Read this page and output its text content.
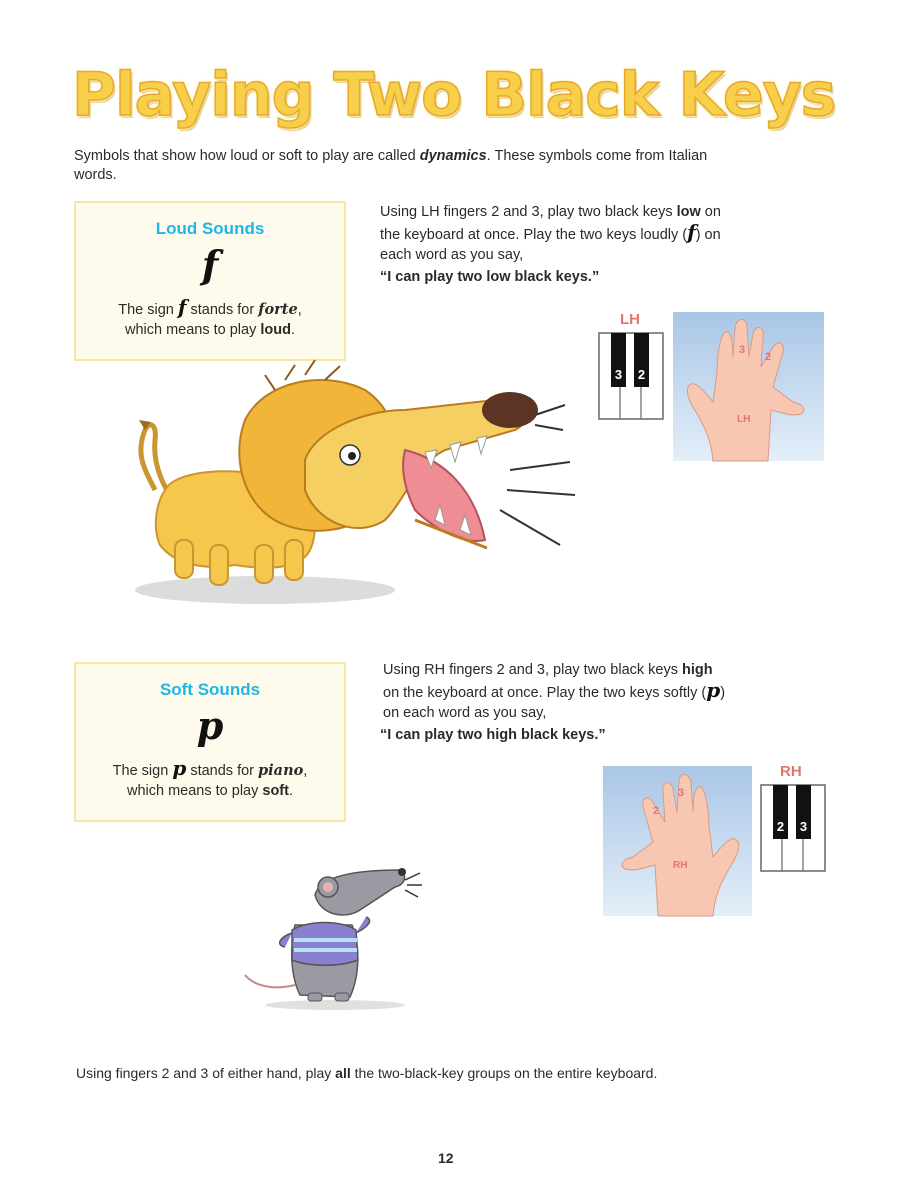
Playing Two Black Keys
Symbols that show how loud or soft to play are called dynamics. These symbols come from Italian words.
Loud Sounds
f
The sign f stands for forte,
which means to play loud.
Using LH fingers 2 and 3, play two black keys low on the keyboard at once. Play the two keys loudly (f) on each word as you say,
“I can play two low black keys.”
LH
3 2
3
2
LH
Soft Sounds
p
The sign p stands for piano,
which means to play soft.
Using RH fingers 2 and 3, play two black keys high on the keyboard at once. Play the two keys softly (p) on each word as you say,
“I can play two high black keys.”
2
3
RH
RH
2 3
Using fingers 2 and 3 of either hand, play all the two-black-key groups on the entire keyboard.
12
